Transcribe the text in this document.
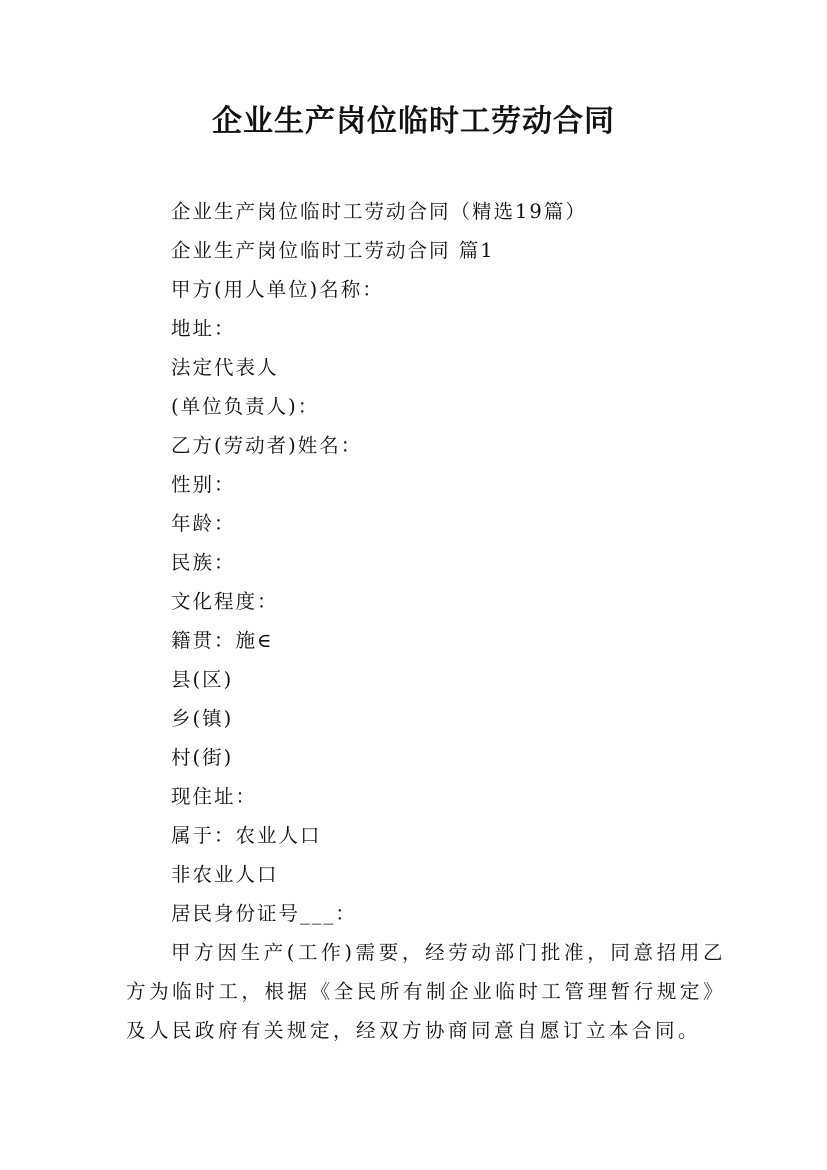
企业生产岗位临时工劳动合同
企业生产岗位临时工劳动合同（精选19篇）
企业生产岗位临时工劳动合同 篇1
甲方(用人单位)名称：
地址：
法定代表人
(单位负责人)：
乙方(劳动者)姓名：
性别：
年龄：
民族：
文化程度：
籍贯：施∈
县(区)
乡(镇)
村(街)
现住址：
属于：农业人口
非农业人口
居民身份证号___：
甲方因生产(工作)需要，经劳动部门批准，同意招用乙方为临时工，根据《全民所有制企业临时工管理暂行规定》及人民政府有关规定，经双方协商同意自愿订立本合同。
